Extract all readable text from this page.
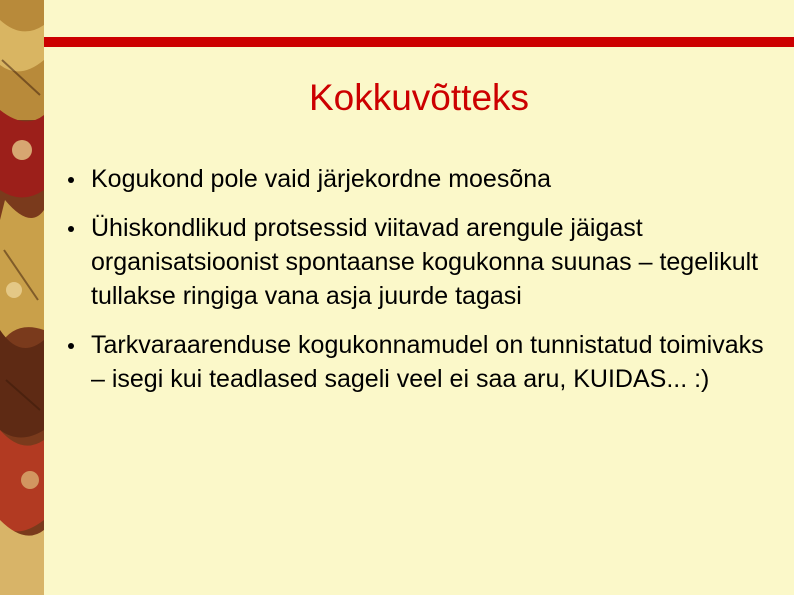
Kokkuvõtteks
Kogukond pole vaid järjekordne moesõna
Ühiskondlikud protsessid viitavad arengule jäigast organisatsioonist spontaanse kogukonna suunas – tegelikult tullakse ringiga vana asja juurde tagasi
Tarkvaraarenduse kogukonnamudel on tunnistatud toimivaks – isegi kui teadlased sageli veel ei saa aru, KUIDAS... :)
